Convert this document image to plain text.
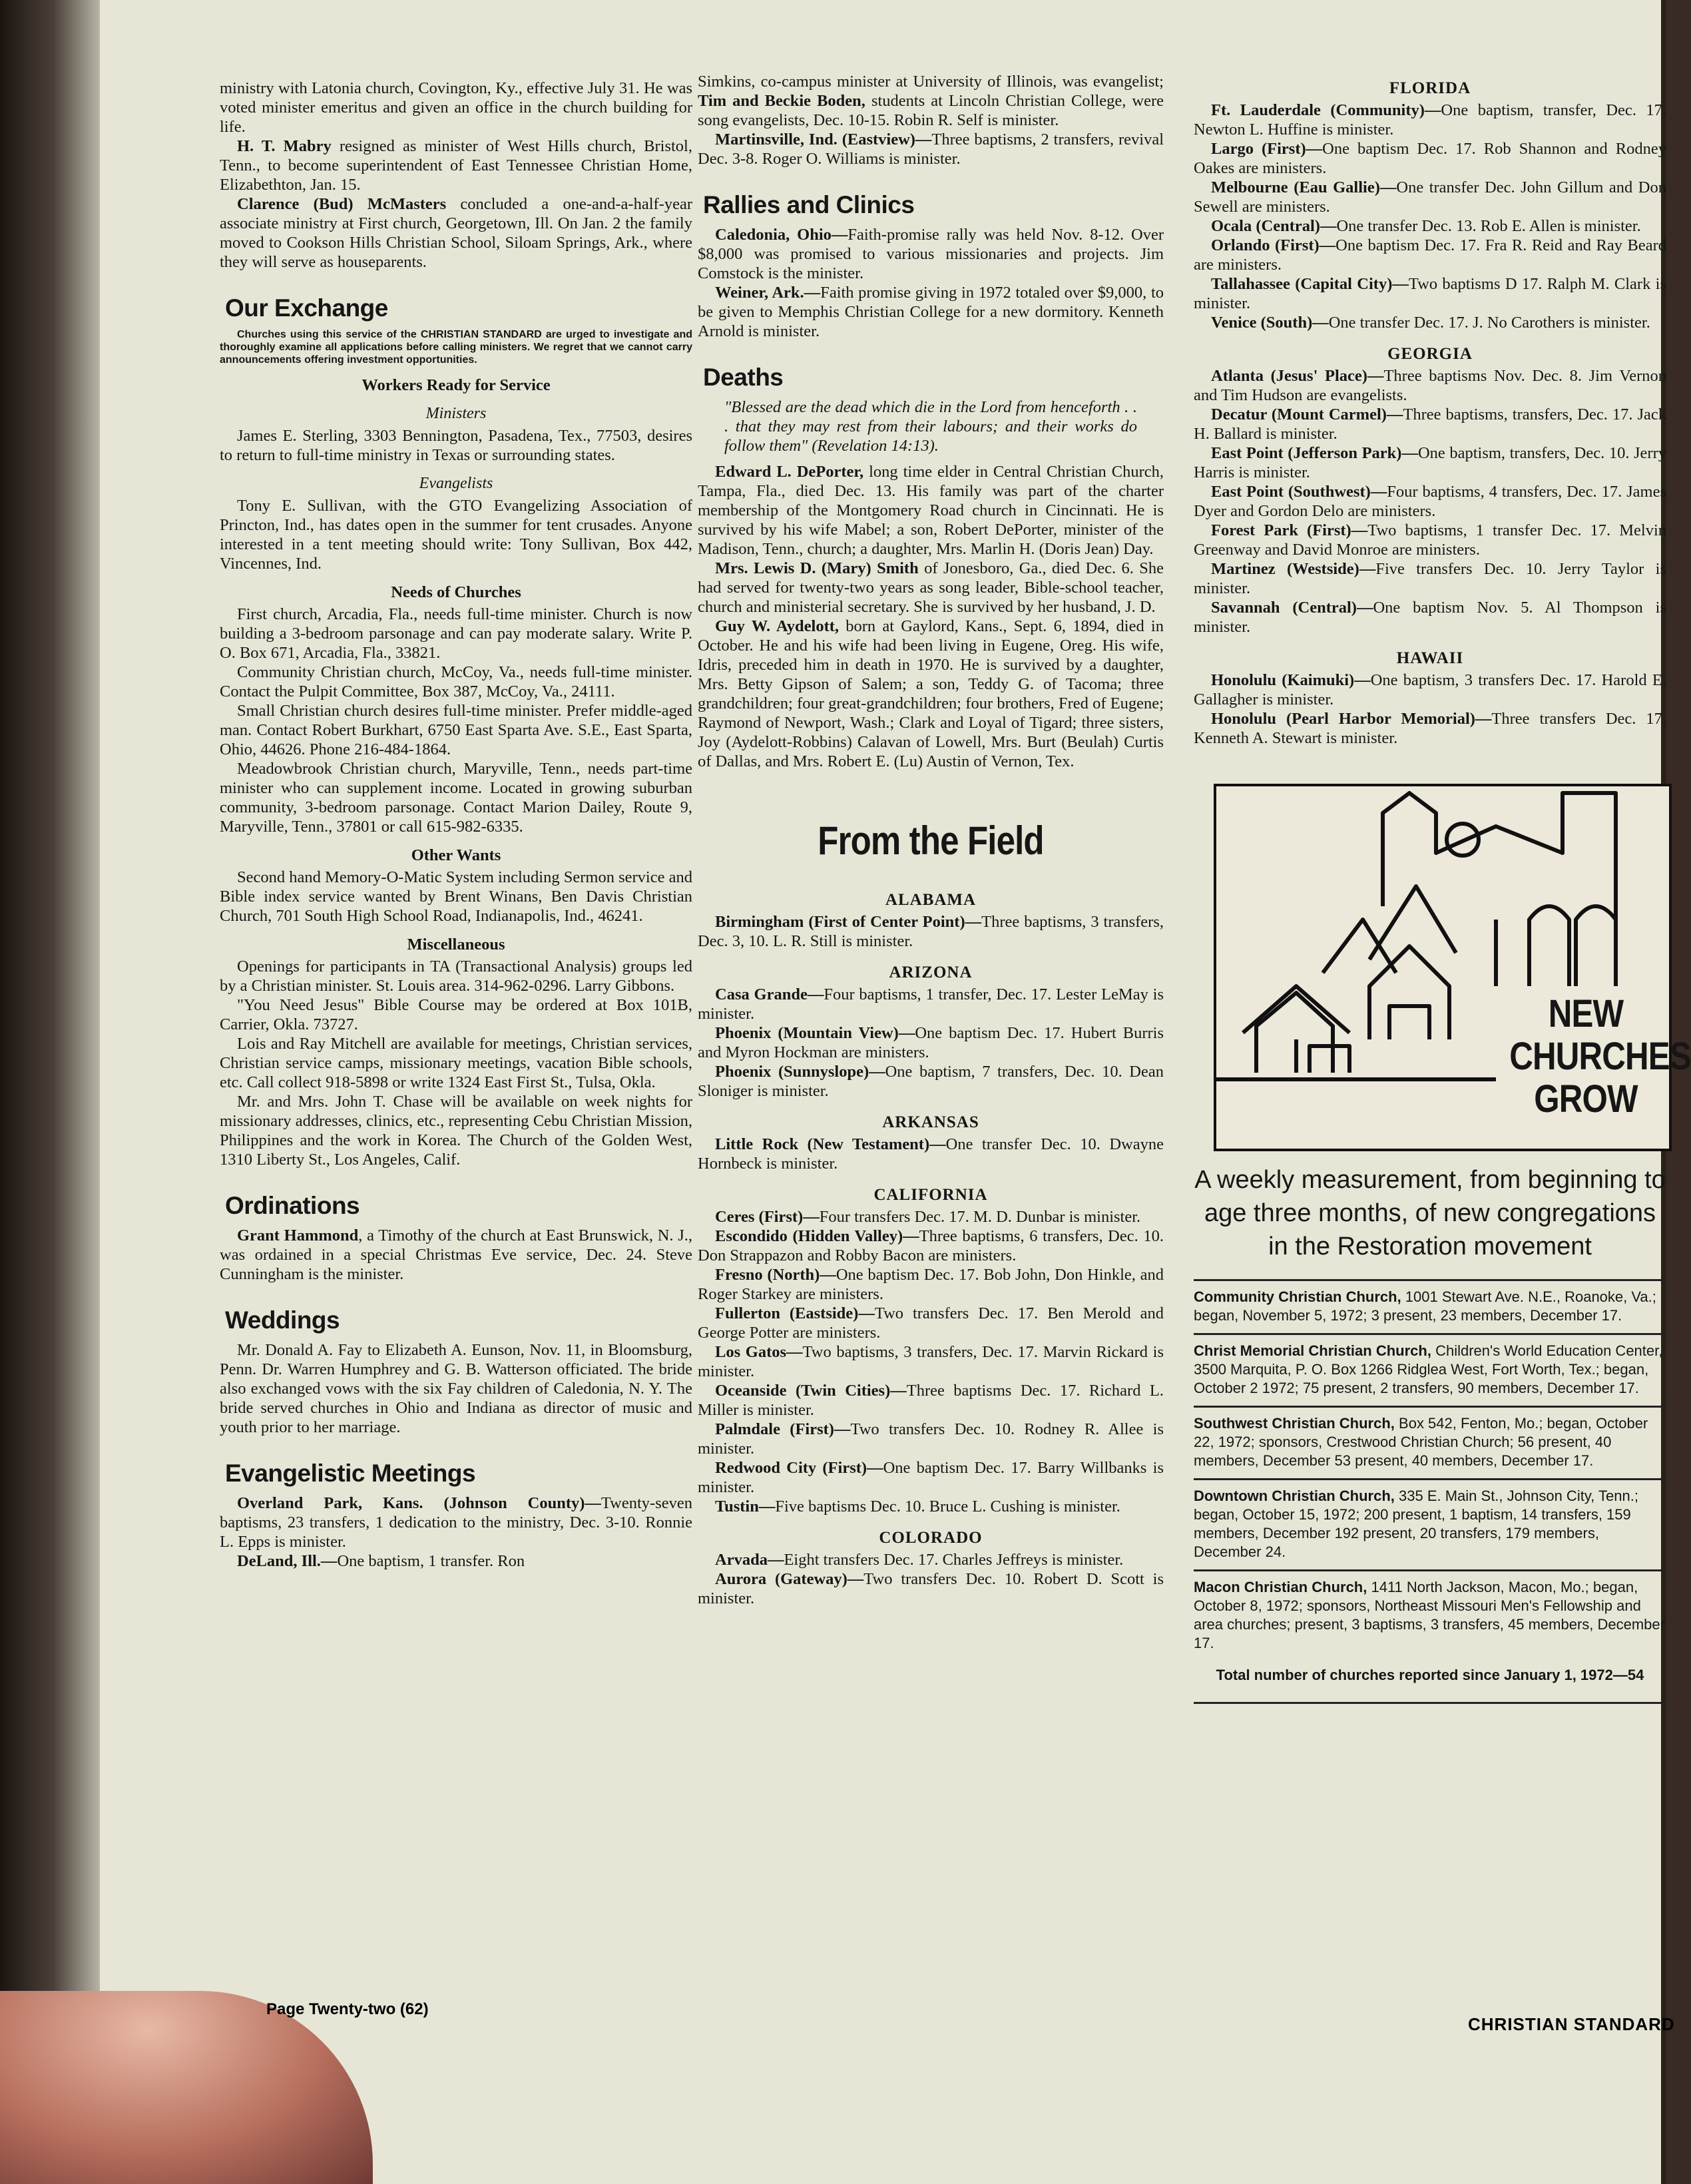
ministry with Latonia church, Covington, Ky., effective July 31. He was voted minister emeritus and given an office in the church building for life.

H. T. Mabry resigned as minister of West Hills church, Bristol, Tenn., to become superintendent of East Tennessee Christian Home, Elizabethton, Jan. 15.

Clarence (Bud) McMasters concluded a one-and-a-half-year associate ministry at First church, Georgetown, Ill. On Jan. 2 the family moved to Cookson Hills Christian School, Siloam Springs, Ark., where they will serve as houseparents.

Our Exchange

Churches using this service of the CHRISTIAN STANDARD are urged to investigate and thoroughly examine all applications before calling ministers. We regret that we cannot carry announcements offering investment opportunities.

Workers Ready for Service
Ministers

James E. Sterling, 3303 Bennington, Pasadena, Tex., 77503, desires to return to full-time ministry in Texas or surrounding states.

Evangelists

Tony E. Sullivan, with the GTO Evangelizing Association of Princton, Ind., has dates open in the summer for tent crusades. Anyone interested in a tent meeting should write: Tony Sullivan, Box 442, Vincennes, Ind.

Needs of Churches

First church, Arcadia, Fla., needs full-time minister. Church is now building a 3-bedroom parsonage and can pay moderate salary. Write P. O. Box 671, Arcadia, Fla., 33821.

Community Christian church, McCoy, Va., needs full-time minister. Contact the Pulpit Committee, Box 387, McCoy, Va., 24111.

Small Christian church desires full-time minister. Prefer middle-aged man. Contact Robert Burkhart, 6750 East Sparta Ave. S.E., East Sparta, Ohio, 44626. Phone 216-484-1864.

Meadowbrook Christian church, Maryville, Tenn., needs part-time minister who can supplement income. Located in growing suburban community, 3-bedroom parsonage. Contact Marion Dailey, Route 9, Maryville, Tenn., 37801 or call 615-982-6335.

Other Wants

Second hand Memory-O-Matic System including Sermon service and Bible index service wanted by Brent Winans, Ben Davis Christian Church, 701 South High School Road, Indianapolis, Ind., 46241.

Miscellaneous

Openings for participants in TA (Transactional Analysis) groups led by a Christian minister. St. Louis area. 314-962-0296. Larry Gibbons.

"You Need Jesus" Bible Course may be ordered at Box 101B, Carrier, Okla. 73727.

Lois and Ray Mitchell are available for meetings, Christian services, Christian service camps, missionary meetings, vacation Bible schools, etc. Call collect 918-5898 or write 1324 East First St., Tulsa, Okla.

Mr. and Mrs. John T. Chase will be available on week nights for missionary addresses, clinics, etc., representing Cebu Christian Mission, Philippines and the work in Korea. The Church of the Golden West, 1310 Liberty St., Los Angeles, Calif.

Ordinations

Grant Hammond, a Timothy of the church at East Brunswick, N. J., was ordained in a special Christmas Eve service, Dec. 24. Steve Cunningham is the minister.

Weddings

Mr. Donald A. Fay to Elizabeth A. Eunson, Nov. 11, in Bloomsburg, Penn. Dr. Warren Humphrey and G. B. Watterson officiated. The bride also exchanged vows with the six Fay children of Caledonia, N. Y. The bride served churches in Ohio and Indiana as director of music and youth prior to her marriage.

Evangelistic Meetings

Overland Park, Kans. (Johnson County)—Twenty-seven baptisms, 23 transfers, 1 dedication to the ministry, Dec. 3-10. Ronnie L. Epps is minister.

DeLand, Ill.—One baptism, 1 transfer. Ron

Simkins, co-campus minister at University of Illinois, was evangelist; Tim and Beckie Boden, students at Lincoln Christian College, were song evangelists, Dec. 10-15. Robin R. Self is minister.

Martinsville, Ind. (Eastview)—Three baptisms, 2 transfers, revival Dec. 3-8. Roger O. Williams is minister.

Rallies and Clinics

Caledonia, Ohio—Faith-promise rally was held Nov. 8-12. Over $8,000 was promised to various missionaries and projects. Jim Comstock is the minister.

Weiner, Ark.—Faith promise giving in 1972 totaled over $9,000, to be given to Memphis Christian College for a new dormitory. Kenneth Arnold is minister.

Deaths

"Blessed are the dead which die in the Lord from henceforth . . . that they may rest from their labours; and their works do follow them" (Revelation 14:13).

Edward L. DePorter, long time elder in Central Christian Church, Tampa, Fla., died Dec. 13. His family was part of the charter membership of the Montgomery Road church in Cincinnati. He is survived by his wife Mabel; a son, Robert DePorter, minister of the Madison, Tenn., church; a daughter, Mrs. Marlin H. (Doris Jean) Day.

Mrs. Lewis D. (Mary) Smith of Jonesboro, Ga., died Dec. 6. She had served for twenty-two years as song leader, Bible-school teacher, church and ministerial secretary. She is survived by her husband, J. D.

Guy W. Aydelott, born at Gaylord, Kans., Sept. 6, 1894, died in October. He and his wife had been living in Eugene, Oreg. His wife, Idris, preceded him in death in 1970. He is survived by a daughter, Mrs. Betty Gipson of Salem; a son, Teddy G. of Tacoma; three grandchildren; four great-grandchildren; four brothers, Fred of Eugene; Raymond of Newport, Wash.; Clark and Loyal of Tigard; three sisters, Joy (Aydelott-Robbins) Calavan of Lowell, Mrs. Burt (Beulah) Curtis of Dallas, and Mrs. Robert E. (Lu) Austin of Vernon, Tex.

From the Field
ALABAMA

Birmingham (First of Center Point)—Three baptisms, 3 transfers, Dec. 3, 10. L. R. Still is minister.

ARIZONA

Casa Grande—Four baptisms, 1 transfer, Dec. 17. Lester LeMay is minister.

Phoenix (Mountain View)—One baptism Dec. 17. Hubert Burris and Myron Hockman are ministers.

Phoenix (Sunnyslope)—One baptism, 7 transfers, Dec. 10. Dean Sloniger is minister.

ARKANSAS

Little Rock (New Testament)—One transfer Dec. 10. Dwayne Hornbeck is minister.

CALIFORNIA

Ceres (First)—Four transfers Dec. 17. M. D. Dunbar is minister.

Escondido (Hidden Valley)—Three baptisms, 6 transfers, Dec. 10. Don Strappazon and Robby Bacon are ministers.

Fresno (North)—One baptism Dec. 17. Bob John, Don Hinkle, and Roger Starkey are ministers.

Fullerton (Eastside)—Two transfers Dec. 17. Ben Merold and George Potter are ministers.

Los Gatos—Two baptisms, 3 transfers, Dec. 17. Marvin Rickard is minister.

Oceanside (Twin Cities)—Three baptisms Dec. 17. Richard L. Miller is minister.

Palmdale (First)—Two transfers Dec. 10. Rodney R. Allee is minister.

Redwood City (First)—One baptism Dec. 17. Barry Willbanks is minister.

Tustin—Five baptisms Dec. 10. Bruce L. Cushing is minister.

COLORADO

Arvada—Eight transfers Dec. 17. Charles Jeffreys is minister.

Aurora (Gateway)—Two transfers Dec. 10. Robert D. Scott is minister.

FLORIDA

Ft. Lauderdale (Community)—One baptism, transfer, Dec. 17. Newton L. Huffine is minister.

Largo (First)—One baptism Dec. 17. Rob Shannon and Rodney Oakes are ministers.

Melbourne (Eau Gallie)—One transfer Dec. John Gillum and Don Sewell are ministers.

Ocala (Central)—One transfer Dec. 13. Rob E. Allen is minister.

Orlando (First)—One baptism Dec. 17. Fra R. Reid and Ray Beard are ministers.

Tallahassee (Capital City)—Two baptisms D 17. Ralph M. Clark is minister.

Venice (South)—One transfer Dec. 17. J. No Carothers is minister.

GEORGIA

Atlanta (Jesus' Place)—Three baptisms Nov. Dec. 8. Jim Vernon and Tim Hudson are evangelists.

Decatur (Mount Carmel)—Three baptisms, transfers, Dec. 17. Jack H. Ballard is minister.

East Point (Jefferson Park)—One baptism, transfers, Dec. 10. Jerry Harris is minister.

East Point (Southwest)—Four baptisms, 4 transfers, Dec. 17. James Dyer and Gordon Delo are ministers.

Forest Park (First)—Two baptisms, 1 transfer Dec. 17. Melvin Greenway and David Monroe are ministers.

Martinez (Westside)—Five transfers Dec. 10. Jerry Taylor is minister.

Savannah (Central)—One baptism Nov. 5. Al Thompson is minister.

HAWAII

Honolulu (Kaimuki)—One baptism, 3 transfers Dec. 17. Harold E. Gallagher is minister.

Honolulu (Pearl Harbor Memorial)—Three transfers Dec. 17. Kenneth A. Stewart is minister.

NEW
CHURCHES
GROW
A weekly measurement, from beginning to age three months, of new congregations in the Restoration movement
Community Christian Church, 1001 Stewart Ave. N.E., Roanoke, Va.; began, November 5, 1972; 3 present, 23 members, December 17.
Christ Memorial Christian Church, Children's World Education Center, 3500 Marquita, P. O. Box 1266 Ridglea West, Fort Worth, Tex.; began, October 2 1972; 75 present, 2 transfers, 90 members, December 17.
Southwest Christian Church, Box 542, Fenton, Mo.; began, October 22, 1972; sponsors, Crestwood Christian Church; 56 present, 40 members, December 53 present, 40 members, December 17.
Downtown Christian Church, 335 E. Main St., Johnson City, Tenn.; began, October 15, 1972; 200 present, 1 baptism, 14 transfers, 159 members, December 192 present, 20 transfers, 179 members, December 24.
Macon Christian Church, 1411 North Jackson, Macon, Mo.; began, October 8, 1972; sponsors, Northeast Missouri Men's Fellowship and area churches; present, 3 baptisms, 3 transfers, 45 members, December 17.
Total number of churches reported since January 1, 1972—54
Page Twenty-two (62)
CHRISTIAN STANDARD
